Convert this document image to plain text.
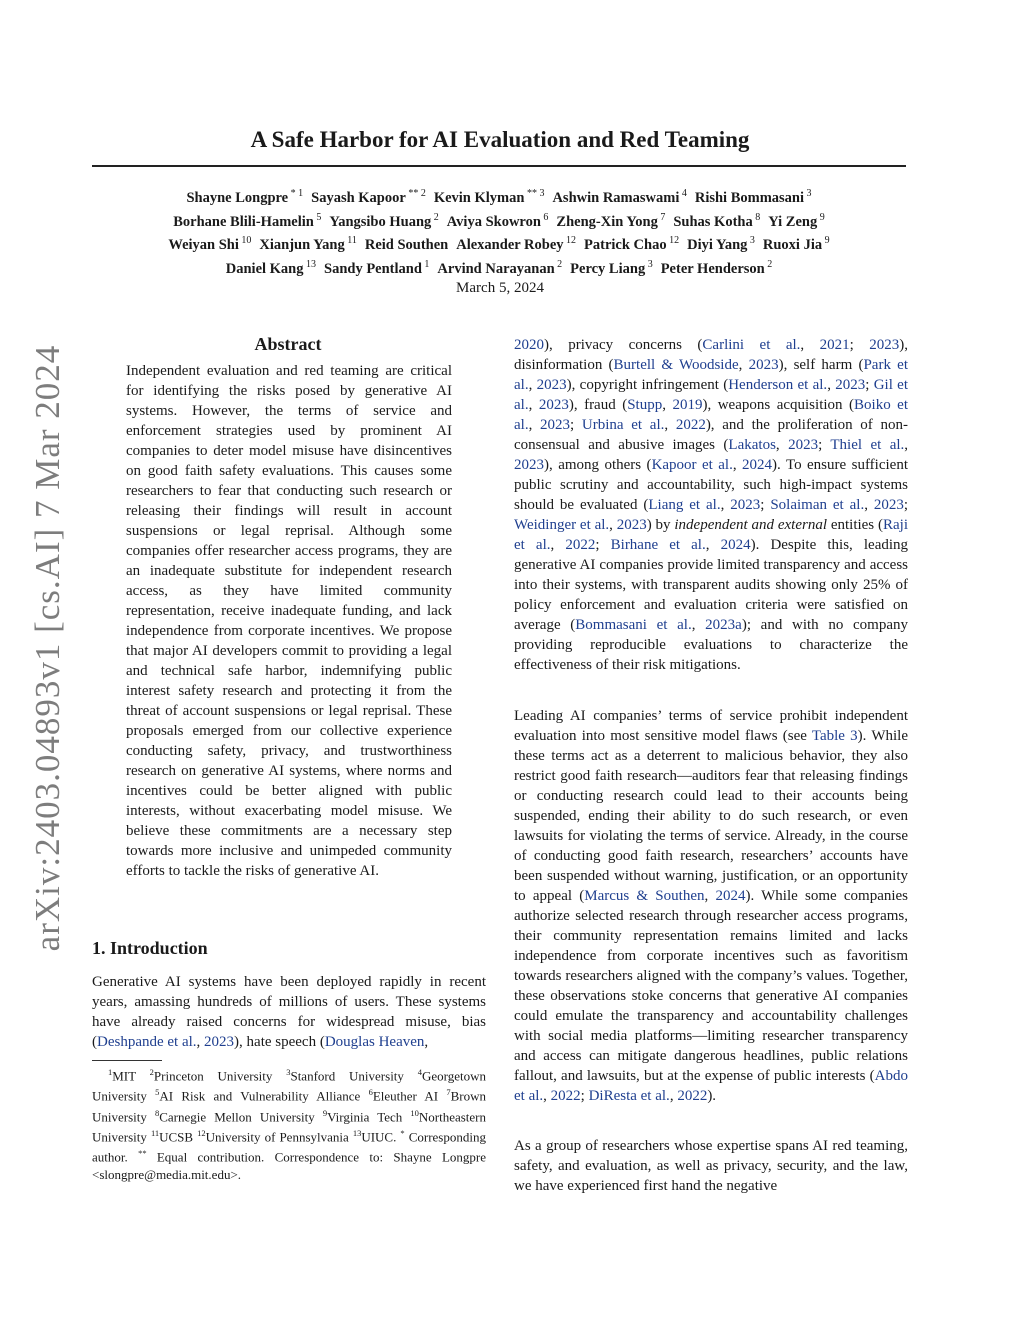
arXiv:2403.04893v1 [cs.AI] 7 Mar 2024
A Safe Harbor for AI Evaluation and Red Teaming
Shayne Longpre $^{* 1}$ Sayash Kapoor $^{** 2}$ Kevin Klyman $^{** 3}$ Ashwin Ramaswami $^4$ Rishi Bommasani $^3$
Borhane Blili-Hamelin $^5$ Yangsibo Huang $^2$ Aviya Skowron $^6$ Zheng-Xin Yong $^7$ Suhas Kotha $^8$ Yi Zeng $^9$
Weiyan Shi $^{10}$ Xianjun Yang $^{11}$ Reid Southen Alexander Robey $^{12}$ Patrick Chao $^{12}$ Diyi Yang $^3$ Ruoxi Jia $^9$
Daniel Kang $^{13}$ Sandy Pentland $^1$ Arvind Narayanan $^2$ Percy Liang $^3$ Peter Henderson $^2$
March 5, 2024
Abstract

Independent evaluation and red teaming are critical for identifying the risks posed by generative AI systems. However, the terms of service and enforcement strategies used by prominent AI companies to deter model misuse have disincentives on good faith safety evaluations. This causes some researchers to fear that conducting such research or releasing their findings will result in account suspensions or legal reprisal. Although some companies offer researcher access programs, they are an inadequate substitute for independent research access, as they have limited community representation, receive inadequate funding, and lack independence from corporate incentives. We propose that major AI developers commit to providing a legal and technical safe harbor, indemnifying public interest safety research and protecting it from the threat of account suspensions or legal reprisal. These proposals emerged from our collective experience conducting safety, privacy, and trustworthiness research on generative AI systems, where norms and incentives could be better aligned with public interests, without exacerbating model misuse. We believe these commitments are a necessary step towards more inclusive and unimpeded community efforts to tackle the risks of generative AI.

1. Introduction

Generative AI systems have been deployed rapidly in recent years, amassing hundreds of millions of users. These systems have already raised concerns for widespread misuse, bias (Deshpande et al., 2023), hate speech (Douglas Heaven,

$^1$MIT $^2$Princeton University $^3$Stanford University $^4$Georgetown University $^5$AI Risk and Vulnerability Alliance $^6$Eleuther AI $^7$Brown University $^8$Carnegie Mellon University $^9$Virginia Tech $^{10}$Northeastern University $^{11}$UCSB $^{12}$University of Pennsylvania $^{13}$UIUC. * Corresponding author. ** Equal contribution. Correspondence to: Shayne Longpre <slongpre@media.mit.edu>.

2020), privacy concerns (Carlini et al., 2021; 2023), disinformation (Burtell & Woodside, 2023), self harm (Park et al., 2023), copyright infringement (Henderson et al., 2023; Gil et al., 2023), fraud (Stupp, 2019), weapons acquisition (Boiko et al., 2023; Urbina et al., 2022), and the proliferation of non-consensual and abusive images (Lakatos, 2023; Thiel et al., 2023), among others (Kapoor et al., 2024). To ensure sufficient public scrutiny and accountability, such high-impact systems should be evaluated (Liang et al., 2023; Solaiman et al., 2023; Weidinger et al., 2023) by independent and external entities (Raji et al., 2022; Birhane et al., 2024). Despite this, leading generative AI companies provide limited transparency and access into their systems, with transparent audits showing only 25% of policy enforcement and evaluation criteria were satisfied on average (Bommasani et al., 2023a); and with no company providing reproducible evaluations to characterize the effectiveness of their risk mitigations.

Leading AI companies’ terms of service prohibit independent evaluation into most sensitive model flaws (see Table 3). While these terms act as a deterrent to malicious behavior, they also restrict good faith research—auditors fear that releasing findings or conducting research could lead to their accounts being suspended, ending their ability to do such research, or even lawsuits for violating the terms of service. Already, in the course of conducting good faith research, researchers’ accounts have been suspended without warning, justification, or an opportunity to appeal (Marcus & Southen, 2024). While some companies authorize selected research through researcher access programs, their community representation remains limited and lacks independence from corporate incentives such as favoritism towards researchers aligned with the company’s values. Together, these observations stoke concerns that generative AI companies could emulate the transparency and accountability challenges with social media platforms—limiting researcher transparency and access can mitigate dangerous headlines, public relations fallout, and lawsuits, but at the expense of public interests (Abdo et al., 2022; DiResta et al., 2022).

As a group of researchers whose expertise spans AI red teaming, safety, and evaluation, as well as privacy, security, and the law, we have experienced first hand the negative
